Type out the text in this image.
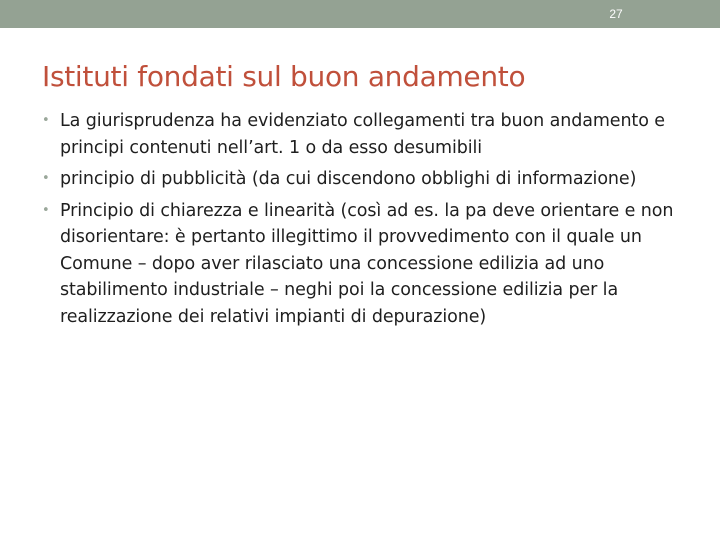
27
Istituti fondati sul buon andamento
• La giurisprudenza ha evidenziato collegamenti tra buon andamento e principi contenuti nell’art. 1 o da esso desumibili
• principio di pubblicità (da cui discendono obblighi di informazione)
• Principio di chiarezza e linearità (così ad es. la pa deve orientare e non disorientare: è pertanto illegittimo il provvedimento con il quale un Comune – dopo aver rilasciato una concessione edilizia ad uno stabilimento industriale – neghi poi la concessione edilizia per la realizzazione dei relativi impianti di depurazione)
